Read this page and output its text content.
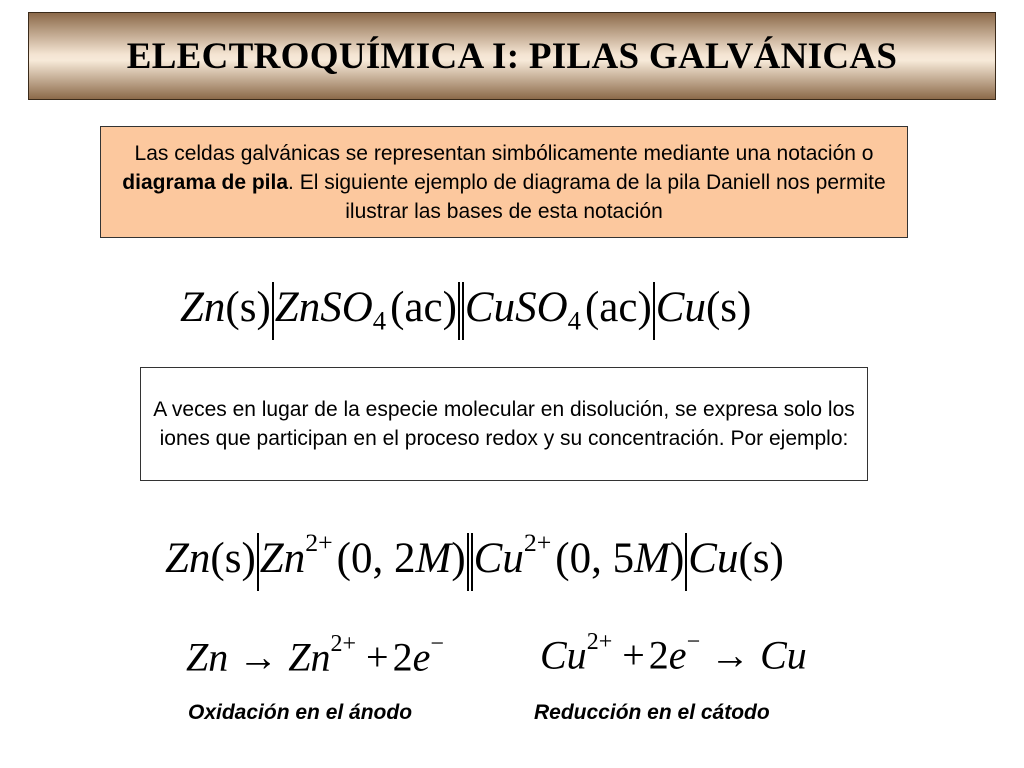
ELECTROQUÍMICA I: PILAS GALVÁNICAS
Las celdas galvánicas se representan simbólicamente mediante una notación o diagrama de pila. El siguiente ejemplo de diagrama de la pila Daniell nos permite ilustrar las bases de esta notación
Zn(s)ZnSO$_4$(ac) CuSO$_4$(ac)Cu(s)
A veces en lugar de la especie molecular en disolución, se expresa solo los iones que participan en el proceso redox y su concentración. Por ejemplo:
$Zn(s)Zn^{2+}(0$, 2M) $Cu^{2+}(0$, 5M)Cu(s)
$Zn \to Zn^{2+} + 2e^-$ $Cu^{2+} + 2e^- \to Cu$
Oxidación en el ánodo	Reducción en el cátodo
